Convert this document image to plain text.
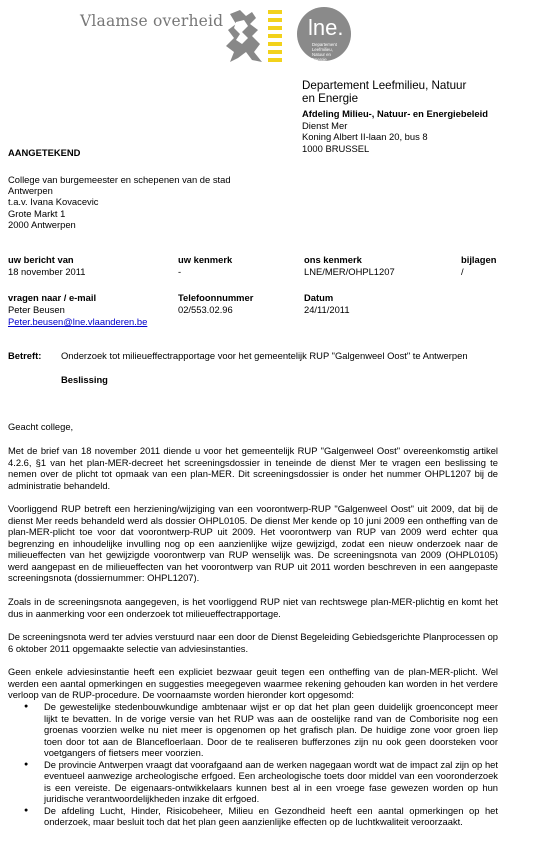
Vlaamse overheid	lne.
Departement
Leefmilieu,
Natuur en
Energie
Departement Leefmilieu, Natuur
en Energie
Afdeling Milieu-, Natuur- en Energiebeleid
Dienst Mer
Koning Albert II-laan 20, bus 8
1000 BRUSSEL
AANGETEKEND
College van burgemeester en schepenen van de stad
Antwerpen
t.a.v. Ivana Kovacevic
Grote Markt 1
2000 Antwerpen
uw bericht van
18 november 2011
uw kenmerk
-
ons kenmerk
LNE/MER/OHPL1207
bijlagen
/
vragen naar / e-mail
Peter Beusen
Peter.beusen@lne.vlaanderen.be
Telefoonnummer
02/553.02.96
Datum
24/11/2011
Betreft: Onderzoek tot milieueffectrapportage voor het gemeentelijk RUP "Galgenweel Oost" te Antwerpen
Beslissing
Geacht college,
Met de brief van 18 november 2011 diende u voor het gemeentelijk RUP "Galgenweel Oost" overeenkomstig artikel 4.2.6, §1 van het plan-MER-decreet het screeningsdossier in teneinde de dienst Mer te vragen een beslissing te nemen over de plicht tot opmaak van een plan-MER. Dit screeningsdossier is onder het nummer OHPL1207 bij de administratie behandeld.
Voorliggend RUP betreft een herziening/wijziging van een voorontwerp-RUP "Galgenweel Oost" uit 2009, dat bij de dienst Mer reeds behandeld werd als dossier OHPL0105. De dienst Mer kende op 10 juni 2009 een ontheffing van de plan-MER-plicht toe voor dat voorontwerp-RUP uit 2009. Het voorontwerp van RUP van 2009 werd echter qua begrenzing en inhoudelijke invulling nog op een aanzienlijke wijze gewijzigd, zodat een nieuw onderzoek naar de milieueffecten van het gewijzigde voorontwerp van RUP wenselijk was. De screeningsnota van 2009 (OHPL0105) werd aangepast en de milieueffecten van het voorontwerp van RUP uit 2011 worden beschreven in een aangepaste screeningsnota (dossiernummer: OHPL1207).
Zoals in de screeningsnota aangegeven, is het voorliggend RUP niet van rechtswege plan-MER-plichtig en komt het dus in aanmerking voor een onderzoek tot milieueffectrapportage.
De screeningsnota werd ter advies verstuurd naar een door de Dienst Begeleiding Gebiedsgerichte Planprocessen op 6 oktober 2011 opgemaakte selectie van adviesinstanties.
Geen enkele adviesinstantie heeft een expliciet bezwaar geuit tegen een ontheffing van de plan-MER-plicht. Wel werden een aantal opmerkingen en suggesties meegegeven waarmee rekening gehouden kan worden in het verdere verloop van de RUP-procedure. De voornaamste worden hieronder kort opgesomd:
● De gewestelijke stedenbouwkundige ambtenaar wijst er op dat het plan geen duidelijk groenconcept meer lijkt te bevatten. In de vorige versie van het RUP was aan de oostelijke rand van de Comborisite nog een groenas voorzien welke nu niet meer is opgenomen op het grafisch plan. De huidige zone voor groen liep toen door tot aan de Blancefloerlaan. Door de te realiseren bufferzones zijn nu ook geen doorsteken voor voetgangers of fietsers meer voorzien.
● De provincie Antwerpen vraagt dat voorafgaand aan de werken nagegaan wordt wat de impact zal zijn op het eventueel aanwezige archeologische erfgoed. Een archeologische toets door middel van een vooronderzoek is een vereiste. De eigenaars-ontwikkelaars kunnen best al in een vroege fase gewezen worden op hun juridische verantwoordelijkheden inzake dit erfgoed.
● De afdeling Lucht, Hinder, Risicobeheer, Milieu en Gezondheid heeft een aantal opmerkingen op het onderzoek, maar besluit toch dat het plan geen aanzienlijke effecten op de luchtkwaliteit veroorzaakt.
